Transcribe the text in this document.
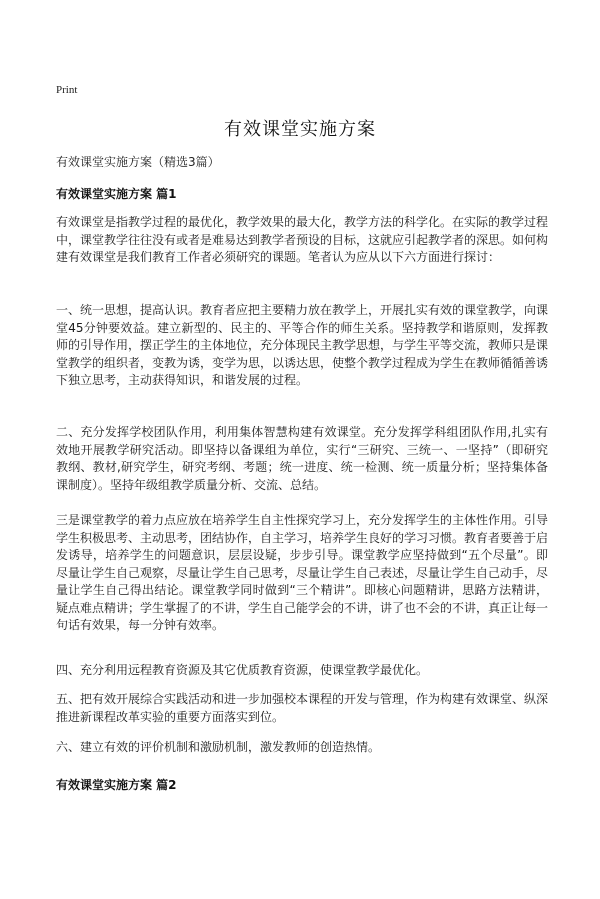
Print
有效课堂实施方案

有效课堂实施方案（精选3篇）

有效课堂实施方案 篇1

有效课堂是指教学过程的最优化，教学效果的最大化，教学方法的科学化。在实际的教学过程中，课堂教学往往没有或者是难易达到教学者预设的目标，这就应引起教学者的深思。如何构建有效课堂是我们教育工作者必须研究的课题。笔者认为应从以下六方面进行探讨：

一、统一思想，提高认识。教育者应把主要精力放在教学上，开展扎实有效的课堂教学，向课堂45分钟要效益。建立新型的、民主的、平等合作的师生关系。坚持教学和谐原则，发挥教师的引导作用，摆正学生的主体地位，充分体现民主教学思想，与学生平等交流，教师只是课堂教学的组织者，变教为诱，变学为思，以诱达思，使整个教学过程成为学生在教师循循善诱下独立思考，主动获得知识，和谐发展的过程。

二、充分发挥学校团队作用，利用集体智慧构建有效课堂。充分发挥学科组团队作用,扎实有效地开展教学研究活动。即坚持以备课组为单位，实行“三研究、三统一、一坚持”（即研究教纲、教材,研究学生，研究考纲、考题；统一进度、统一检测、统一质量分析；坚持集体备课制度）。坚持年级组教学质量分析、交流、总结。

三是课堂教学的着力点应放在培养学生自主性探究学习上，充分发挥学生的主体性作用。引导学生积极思考、主动思考，团结协作，自主学习，培养学生良好的学习习惯。教育者要善于启发诱导，培养学生的问题意识，层层设疑，步步引导。课堂教学应坚持做到“五个尽量”。即尽量让学生自己观察，尽量让学生自己思考，尽量让学生自己表述，尽量让学生自己动手，尽量让学生自己得出结论。课堂教学同时做到“三个精讲”。即核心问题精讲，思路方法精讲，疑点难点精讲；学生掌握了的不讲，学生自己能学会的不讲，讲了也不会的不讲，真正让每一句话有效果，每一分钟有效率。

四、充分利用远程教育资源及其它优质教育资源，使课堂教学最优化。

五、把有效开展综合实践活动和进一步加强校本课程的开发与管理，作为构建有效课堂、纵深推进新课程改革实验的重要方面落实到位。

六、建立有效的评价机制和激励机制，激发教师的创造热情。

有效课堂实施方案 篇2
